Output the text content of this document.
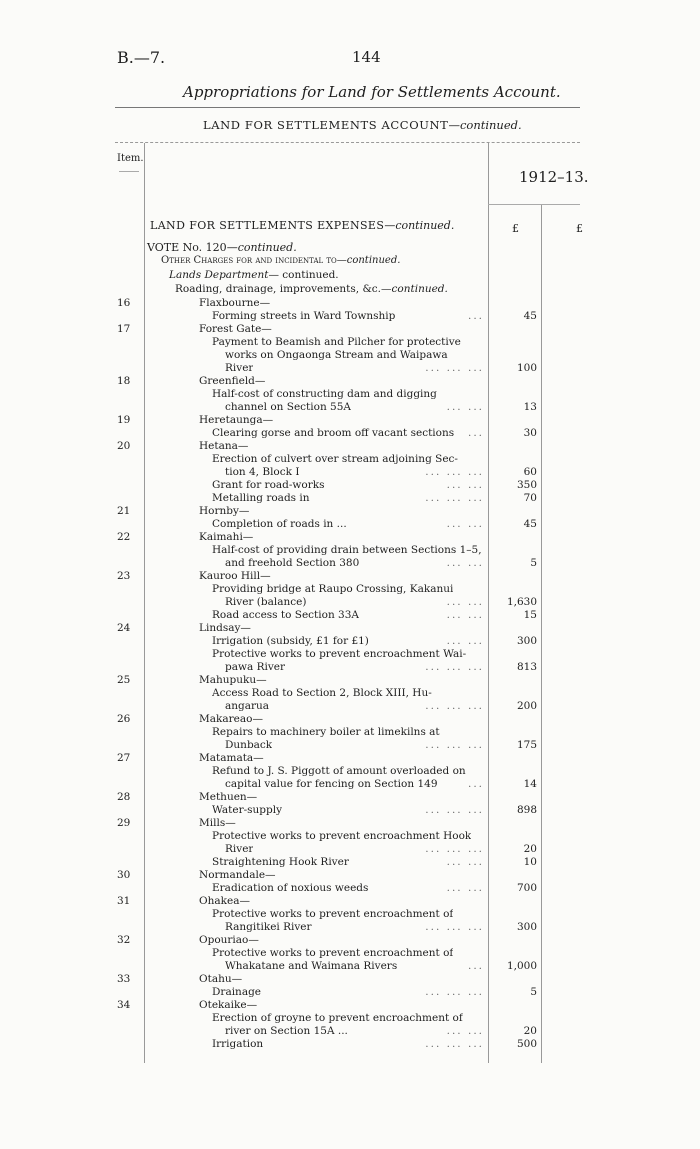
B.—7.	144
Appropriations for Land for Settlements Account.
LAND FOR SETTLEMENTS ACCOUNT—continued.
Item.
1912–13.
£	£
LAND FOR SETTLEMENTS EXPENSES—continued.
VOTE No. 120—continued.
Other Charges for and incidental to—continued.
Lands Department— continued.
Roading, drainage, improvements, &c.—continued.
16	Flaxbourne—
Forming streets in Ward Township	...	45
17	Forest Gate—
Payment to Beamish and Pilcher for protective
works on Ongaonga Stream and Waipawa
River	... ... ...	100
18	Greenfield—
Half-cost of constructing dam and digging
channel on Section 55A	... ...	13
19	Heretaunga—
Clearing gorse and broom off vacant sections ...	30
20	Hetana—
Erection of culvert over stream adjoining Sec-
tion 4, Block I	... ... ...	60
Grant for road-works	... ...	350
Metalling roads in	... ... ...	70
21	Hornby—
Completion of roads in ...	... ...	45
22	Kaimahi—
Half-cost of providing drain between Sections 1–5,
and freehold Section 380	... ...	5
23	Kauroo Hill—
Providing bridge at Raupo Crossing, Kakanui
River (balance)	... ... 1,630
Road access to Section 33A	... ...	15
24	Lindsay—
Irrigation (subsidy, £1 for £1)	... ...	300
Protective works to prevent encroachment Wai-
pawa River	... ... ...	813
25	Mahupuku—
Access Road to Section 2, Block XIII, Hu-
angarua	... ... ...	200
26	Makareao—
Repairs to machinery boiler at limekilns at
Dunback	... ... ...	175
27	Matamata—
Refund to J. S. Piggott of amount overloaded on
capital value for fencing on Section 149	...	14
28	Methuen—
Water-supply	... ... ...	898
29	Mills—
Protective works to prevent encroachment Hook
River	... ... ...	20
Straightening Hook River	... ...	10
30	Normandale—
Eradication of noxious weeds	... ...	700
31	Ohakea—
Protective works to prevent encroachment of
Rangitikei River	... ... ...	300
32	Opouriao—
Protective works to prevent encroachment of
Whakatane and Waimana Rivers	... 1,000
33	Otahu—
Drainage	... ... ...	5
34	Otekaike—
Erection of groyne to prevent encroachment of
river on Section 15A ...	... ...	20
Irrigation	... ... ...	500
